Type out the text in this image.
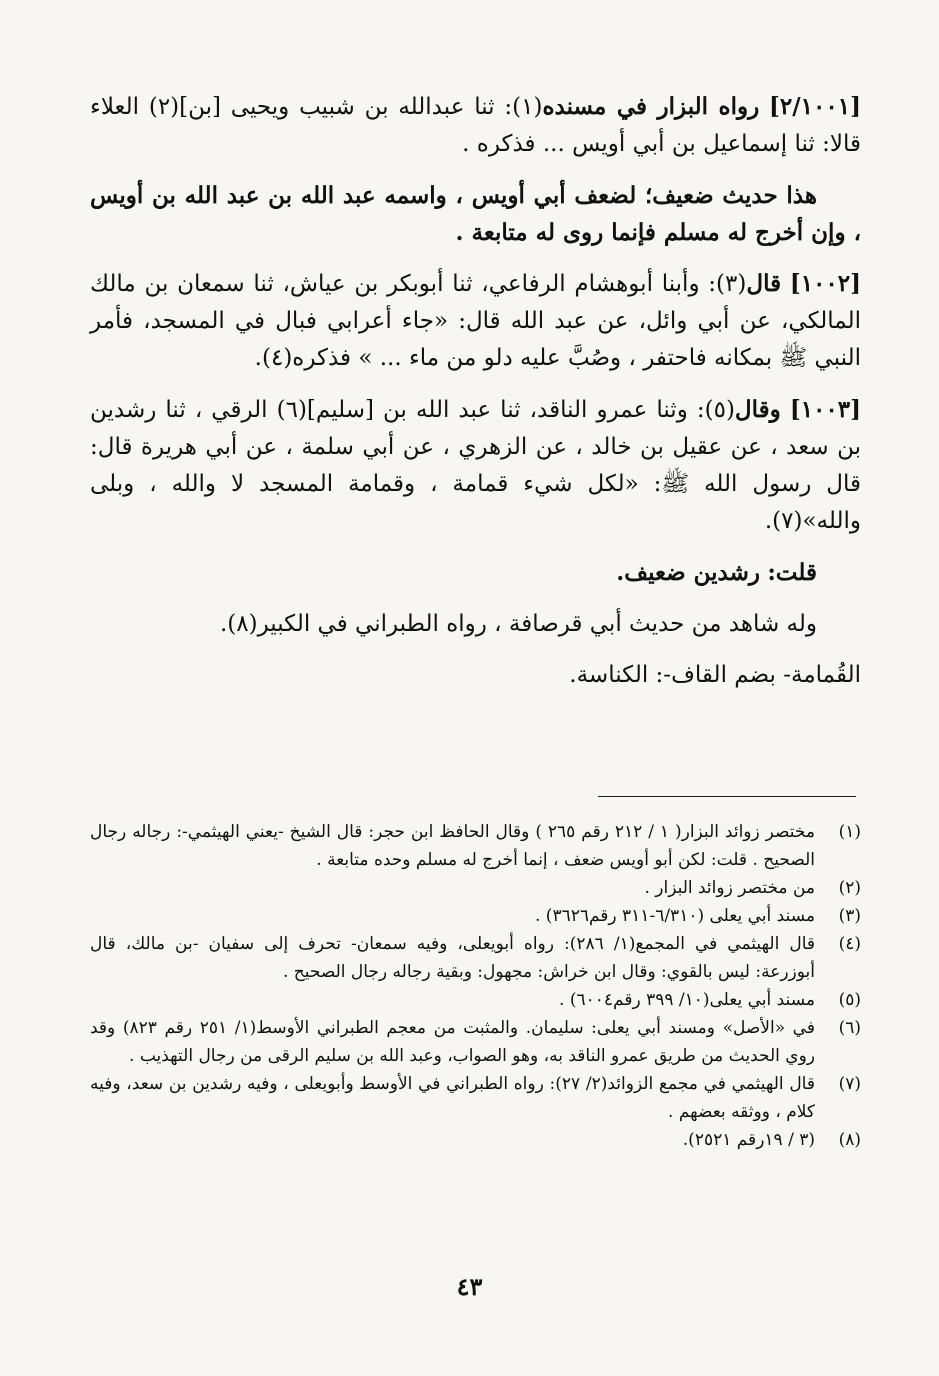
[٢/١٠٠١] رواه البزار في مسنده(١): ثنا عبدالله بن شبيب ويحيى [بن](٢) العلاء قالا: ثنا إسماعيل بن أبي أويس ... فذكره .

هذا حديث ضعيف؛ لضعف أبي أويس ، واسمه عبد الله بن عبد الله بن أويس ، وإن أخرج له مسلم فإنما روى له متابعة .

[١٠٠٢] قال(٣): وأبنا أبوهشام الرفاعي، ثنا أبوبكر بن عياش، ثنا سمعان بن مالك المالكي، عن أبي وائل، عن عبد الله قال: «جاء أعرابي فبال في المسجد، فأمر النبي ﷺ بمكانه فاحتفر ، وصُبَّ عليه دلو من ماء ... » فذكره(٤).

[١٠٠٣] وقال(٥): وثنا عمرو الناقد، ثنا عبد الله بن [سليم](٦) الرقي ، ثنا رشدين بن سعد ، عن عقيل بن خالد ، عن الزهري ، عن أبي سلمة ، عن أبي هريرة قال: قال رسول الله ﷺ: «لكل شيء قمامة ، وقمامة المسجد لا والله ، وبلى والله»(٧).

قلت: رشدين ضعيف.

وله شاهد من حديث أبي قرصافة ، رواه الطبراني في الكبير(٨).

القُمامة- بضم القاف-: الكناسة.

(١)
مختصر زوائد البزار( ١ / ٢١٢ رقم ٢٦٥ ) وقال الحافظ ابن حجر: قال الشيخ -يعني الهيثمي-: رجاله رجال الصحيح . قلت: لكن أبو أويس ضعف ، إنما أخرج له مسلم وحده متابعة .

(٢)
من مختصر زوائد البزار .

(٣)
مسند أبي يعلى (٦/٣١٠-٣١١ رقم٣٦٢٦) .

(٤)
قال الهيثمي في المجمع(١/ ٢٨٦): رواه أبويعلى، وفيه سمعان- تحرف إلى سفيان -بن مالك، قال أبوزرعة: ليس بالقوي: وقال ابن خراش: مجهول: وبقية رجاله رجال الصحيح .

(٥)
مسند أبي يعلى(١٠/ ٣٩٩ رقم٦٠٠٤) .

(٦)
في «الأصل» ومسند أبي يعلى: سليمان. والمثبت من معجم الطبراني الأوسط(١/ ٢٥١ رقم ٨٢٣) وقد روي الحديث من طريق عمرو الناقد به، وهو الصواب، وعبد الله بن سليم الرقى من رجال التهذيب .

(٧)
قال الهيثمي في مجمع الزوائد(٢/ ٢٧): رواه الطبراني في الأوسط وأبويعلى ، وفيه رشدين بن سعد، وفيه كلام ، ووثقه بعضهم .

(٨)
(٣ / ١٩رقم ٢٥٢١).

٤٣
